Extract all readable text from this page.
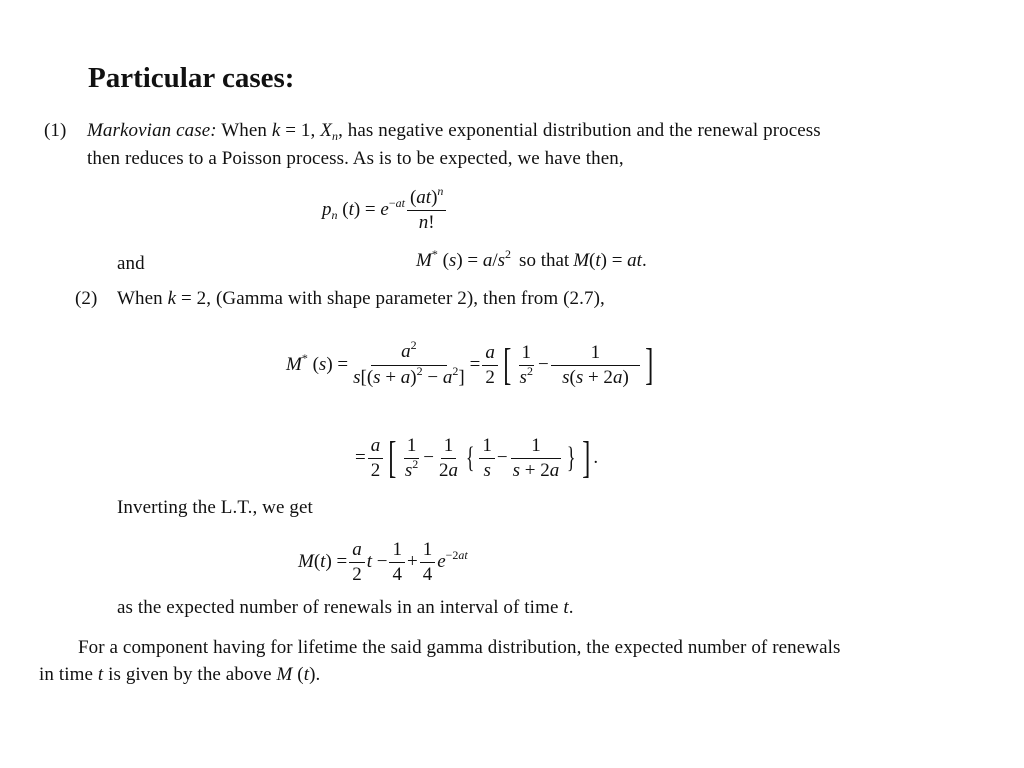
Particular cases:
(1) Markovian case: When k = 1, $X_n$, has negative exponential distribution and the renewal process
then reduces to a Poisson process. As is to be expected, we have then,
$p_n$ $(t) = e^{-at} \frac{(at)^n}{n!}$
and	M* $(s) = a/s^2$ so that M(t) = at.
(2) When k = 2, (Gamma with shape parameter 2), then from (2.7),
M* $(s) = \frac{a^2}{s[(s + a)^2 - a^2]} = \frac{a}{2}$ [ $\frac{1}{s^2} - \frac{1}{s(s + 2a)}$ ]
= $\frac{a}{2}$ [ $\frac{1}{s^2} - \frac{1}{2a}$ { $\frac{1}{s} - \frac{1}{s + 2a}$ } ] .
Inverting the L.T., we get
$M(t) = \frac{a}{2}$ $t - \frac{1}{4} + \frac{1}{4} e^{-2at}$
as the expected number of renewals in an interval of time t.
For a component having for lifetime the said gamma distribution, the expected number of renewals
in time t is given by the above M (t).
